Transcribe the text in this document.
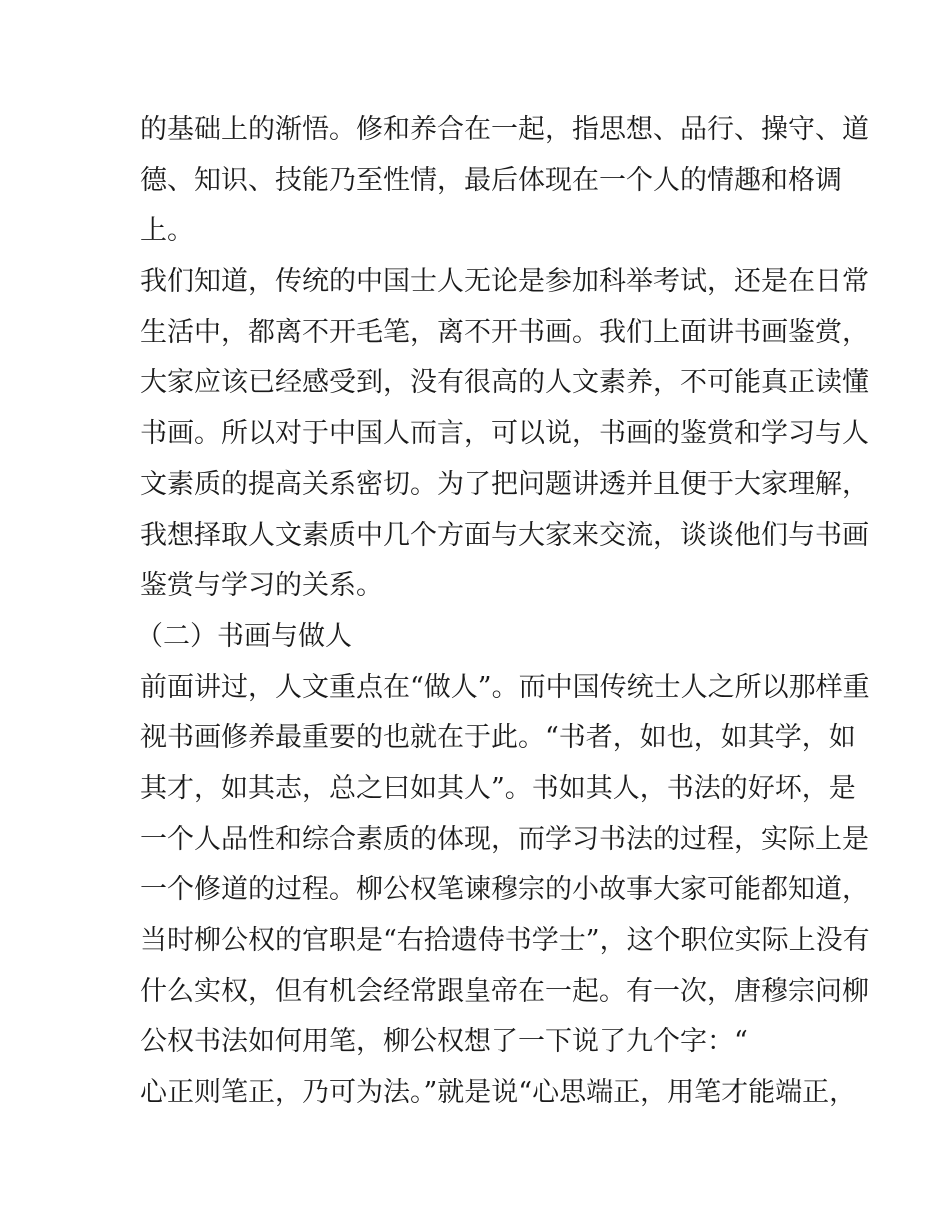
的基础上的渐悟。修和养合在一起，指思想、品行、操守、道
德、知识、技能乃至性情，最后体现在一个人的情趣和格调
上。
我们知道，传统的中国士人无论是参加科举考试，还是在日常
生活中，都离不开毛笔，离不开书画。我们上面讲书画鉴赏，
大家应该已经感受到，没有很高的人文素养，不可能真正读懂
书画。所以对于中国人而言，可以说，书画的鉴赏和学习与人
文素质的提高关系密切。为了把问题讲透并且便于大家理解，
我想择取人文素质中几个方面与大家来交流，谈谈他们与书画
鉴赏与学习的关系。
（二）书画与做人
前面讲过，人文重点在“做人”。而中国传统士人之所以那样重
视书画修养最重要的也就在于此。“书者，如也，如其学，如
其才，如其志，总之曰如其人”。书如其人，书法的好坏，是
一个人品性和综合素质的体现，而学习书法的过程，实际上是
一个修道的过程。柳公权笔谏穆宗的小故事大家可能都知道，
当时柳公权的官职是“右拾遗侍书学士”，这个职位实际上没有
什么实权，但有机会经常跟皇帝在一起。有一次，唐穆宗问柳
公权书法如何用笔，柳公权想了一下说了九个字：“
心正则笔正，乃可为法。”就是说“心思端正，用笔才能端正，
